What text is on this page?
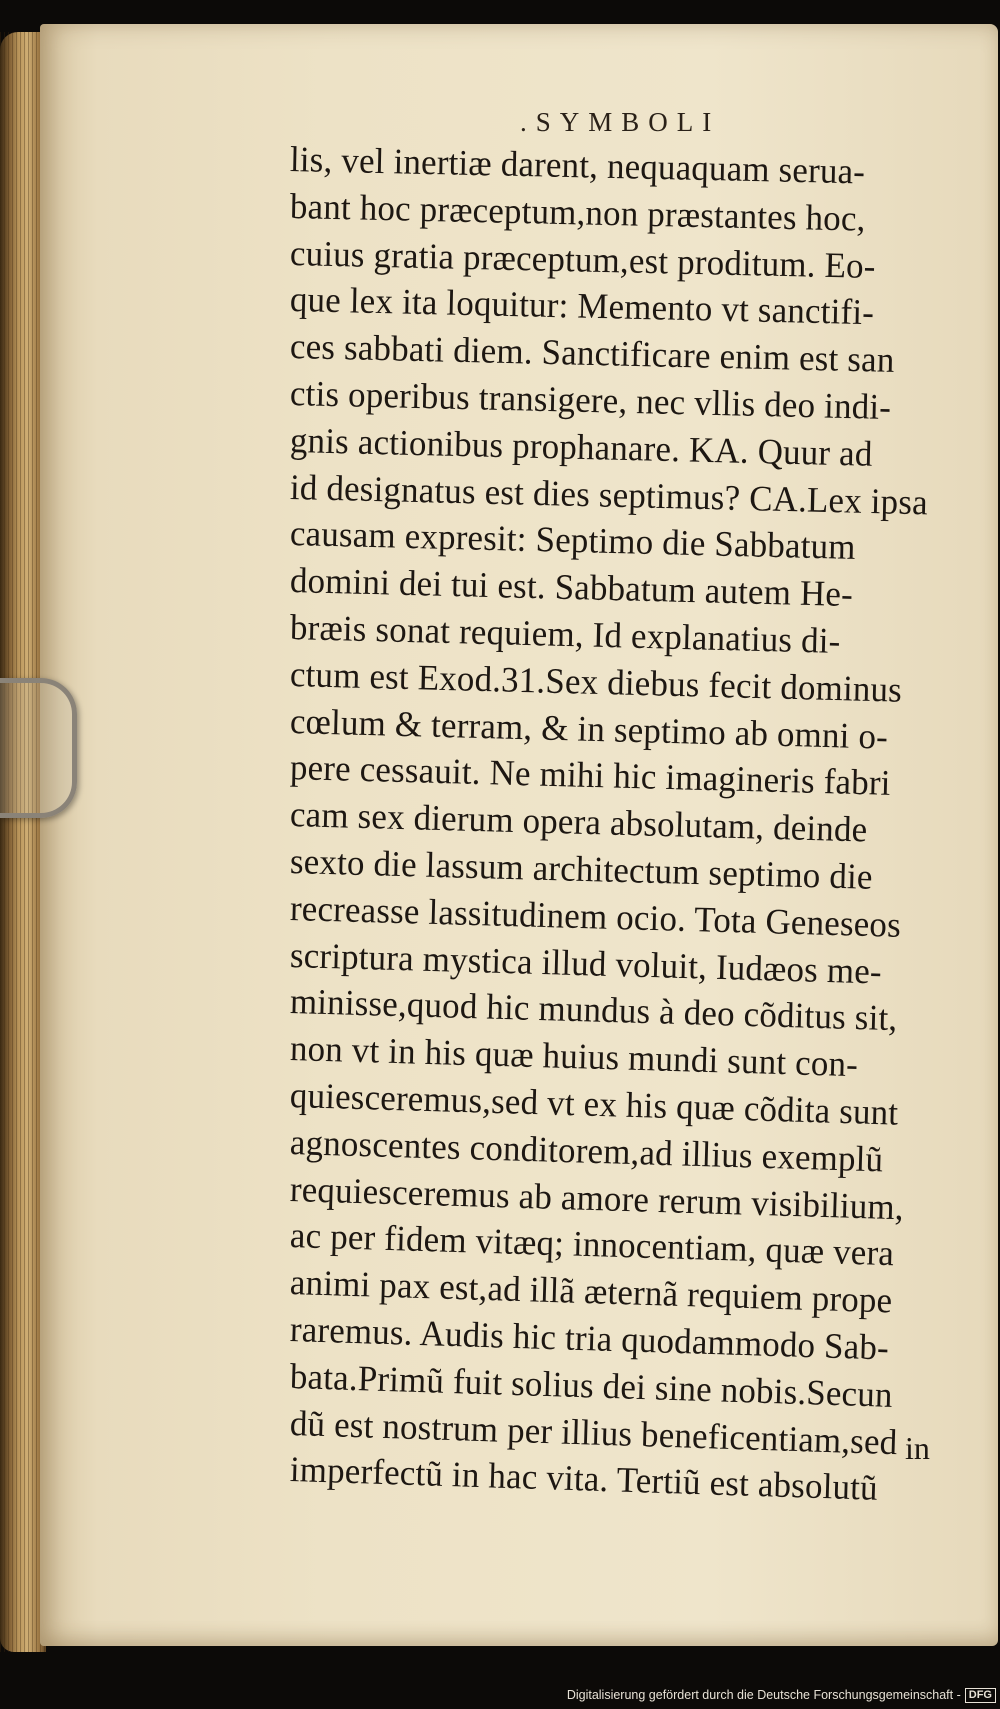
.SYMBOLI
lis, vel inertiæ darent, nequaquam serua-
bant hoc præceptum,non præstantes hoc,
cuius gratia præceptum,est proditum. Eo-
que lex ita loquitur: Memento vt sanctifi-
ces sabbati diem. Sanctificare enim est san
ctis operibus transigere, nec vllis deo indi-
gnis actionibus prophanare. KA. Quur ad
id designatus est dies septimus? CA.Lex ipsa
causam expresit: Septimo die Sabbatum
domini dei tui est. Sabbatum autem He-
bræis sonat requiem, Id explanatius di-
ctum est Exod.31.Sex diebus fecit dominus
cœlum & terram, & in septimo ab omni o-
pere cessauit. Ne mihi hic imagineris fabri
cam sex dierum opera absolutam, deinde
sexto die lassum architectum septimo die
recreasse lassitudinem ocio. Tota Geneseos
scriptura mystica illud voluit, Iudæos me-
minisse,quod hic mundus à deo cõditus sit,
non vt in his quæ huius mundi sunt con-
quiesceremus,sed vt ex his quæ cõdita sunt
agnoscentes conditorem,ad illius exemplũ
requiesceremus ab amore rerum visibilium,
ac per fidem vitæq; innocentiam, quæ vera
animi pax est,ad illã æternã requiem prope
raremus. Audis hic tria quodammodo Sab-
bata.Primũ fuit solius dei sine nobis.Secun
dũ est nostrum per illius beneficentiam,sed
imperfectũ in hac vita. Tertiũ est absolutũ
in
Digitalisierung gefördert durch die Deutsche Forschungsgemeinschaft - DFG
